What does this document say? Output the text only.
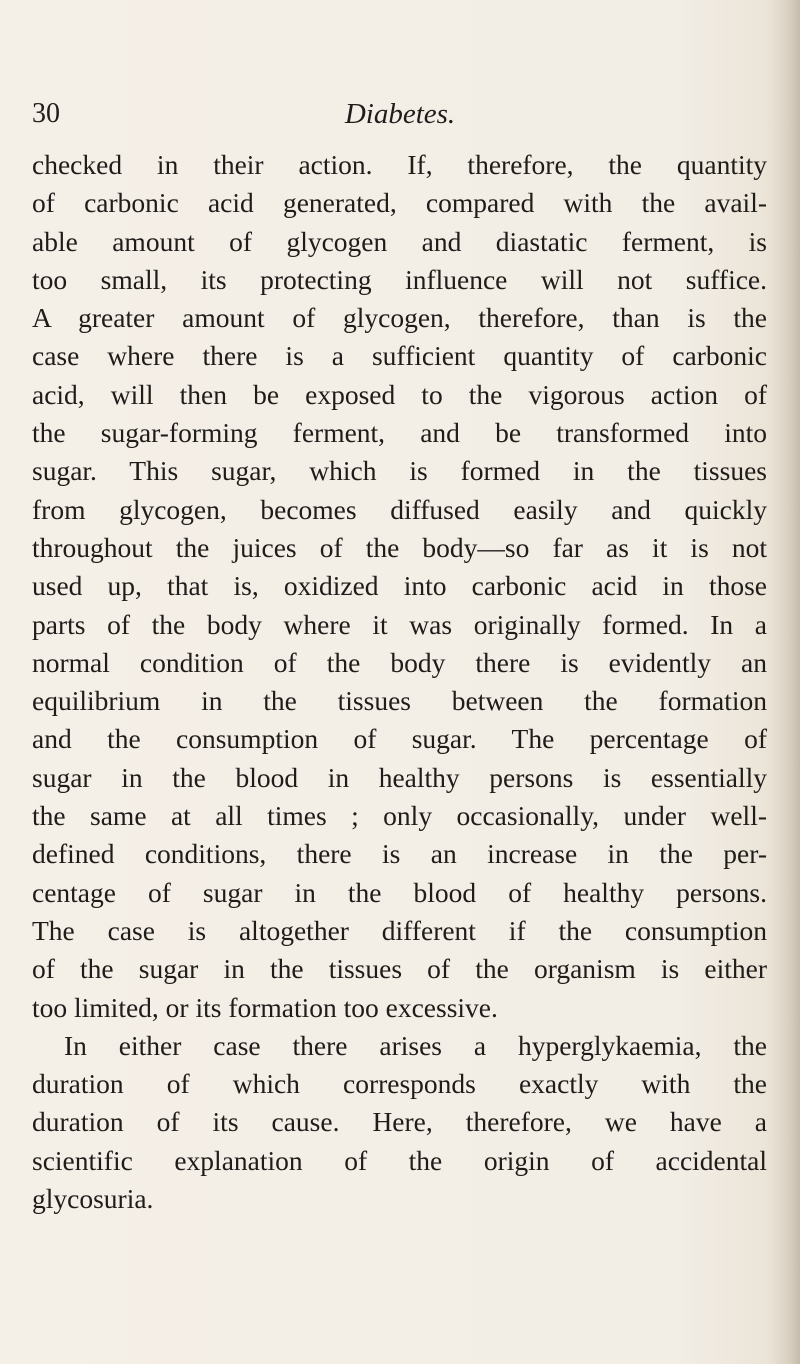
30	Diabetes.
checked in their action. If, therefore, the quantity
of carbonic acid generated, compared with the avail-
able amount of glycogen and diastatic ferment, is
too small, its protecting influence will not suffice.
A greater amount of glycogen, therefore, than is the
case where there is a sufficient quantity of carbonic
acid, will then be exposed to the vigorous action of
the sugar-forming ferment, and be transformed into
sugar. This sugar, which is formed in the tissues
from glycogen, becomes diffused easily and quickly
throughout the juices of the body—so far as it is not
used up, that is, oxidized into carbonic acid in those
parts of the body where it was originally formed. In a
normal condition of the body there is evidently an
equilibrium in the tissues between the formation
and the consumption of sugar. The percentage of
sugar in the blood in healthy persons is essentially
the same at all times ; only occasionally, under well-
defined conditions, there is an increase in the per-
centage of sugar in the blood of healthy persons.
The case is altogether different if the consumption
of the sugar in the tissues of the organism is either
too limited, or its formation too excessive.
In either case there arises a hyperglykaemia, the
duration of which corresponds exactly with the
duration of its cause. Here, therefore, we have a
scientific explanation of the origin of accidental
glycosuria.
